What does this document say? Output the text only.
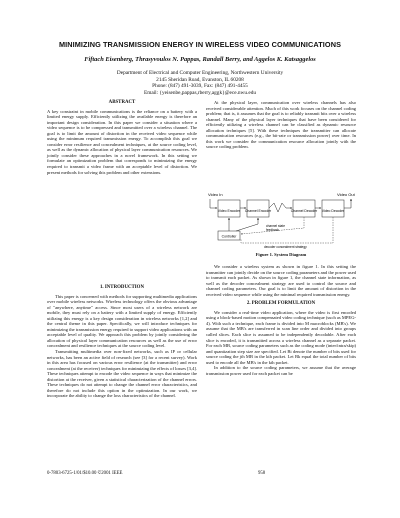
MINIMIZING TRANSMISSION ENERGY IN WIRELESS VIDEO COMMUNICATIONS
Fiftach Eisenberg, Thrasyvoulos N. Pappas, Randall Berry, and Aggelos K. Katsaggelos
Department of Electrical and Computer Engineering, Northwestern University
2145 Sheridan Road, Evanston, IL 60208
Phone: (847) 491-3039, Fax: (847) 491-4455
Email: {yeisenbe,pappas,rberry,aggk}@ece.nwu.edu

ABSTRACT

A key constraint in mobile communications is the reliance on a battery with a limited energy supply. Efficiently utilizing the available energy is therefore an important design consideration. In this paper we consider a situation where a video sequence is to be compressed and transmitted over a wireless channel. The goal is to limit the amount of distortion in the received video sequence while using the minimum required transmission energy. To accomplish this goal we consider error resilience and concealment techniques, at the source coding level, as well as the dynamic allocation of physical layer communication resources. We jointly consider these approaches in a novel framework. In this setting we formulate an optimization problem that corresponds to minimizing the energy required to transmit a video frame with an acceptable level of distortion. We present methods for solving this problem and other extensions.

1. INTRODUCTION

This paper is concerned with methods for supporting multimedia applications over mobile wireless networks. Wireless technology offers the obvious advantage of "anywhere, anytime" access. Since most users of a wireless network are mobile, they must rely on a battery with a limited supply of energy. Efficiently utilizing this energy is a key design consideration in wireless networks [1,2] and the central theme in this paper. Specifically, we will introduce techniques for minimizing the transmission energy required to support video applications with an acceptable level of quality. We approach this problem by jointly considering the allocation of physical layer communication resources as well as the use of error concealment and resilience techniques at the source coding level.

Transmitting multimedia over non-fixed networks, such as IP or cellular networks, has been an active field of research (see [3] for a recent survey). Work in this area has focused on various error resilience (at the transmitter) and error concealment (at the receiver) techniques for minimizing the effects of losses [3,4]. These techniques attempt to encode the video sequence in ways that minimize the distortion at the receiver, given a statistical characterization of the channel errors. These techniques do not attempt to change the channel error characteristics, and therefore do not include this option in the optimization. In our work, we incorporate the ability to change the loss characteristics of the channel.

At the physical layer, communication over wireless channels has also received considerable attention. Much of this work focuses on the channel coding problem; that is, it assumes that the goal is to reliably transmit bits over a wireless channel. Many of the physical layer techniques that have been considered for efficiently utilizing a wireless channel can be classified as dynamic resource allocation techniques [5]. With these techniques the transmitter can allocate communication resources (e.g., the bit-rate or transmission power) over time. In this work we consider the communication resource allocation jointly with the source coding problem.

Video In	Video Out
Video Encoder Channel Encoder	Channel Decoder Video Decoder
Controller
channel state
feedback
decoder concealment strategy
Figure 1. System Diagram

We consider a wireless system as shown in figure 1. In this setting the transmitter can jointly decide on the source coding parameters and the power used to transmit each packet. As shown in figure 1, the channel state information, as well as the decoder concealment strategy are used to control the source and channel coding parameters. Our goal is to limit the amount of distortion in the received video sequence while using the minimal required transmission energy.

2. PROBLEM FORMULATION

We consider a real-time video application, where the video is first encoded using a block-based motion compensated video coding technique (such as MPEG-4). With such a technique, each frame is divided into M macroblocks (MB's). We assume that the MB's are transferred in scan line order and divided into groups called slices. Each slice is assumed to be independently decodable. After each slice is encoded, it is transmitted across a wireless channel as a separate packet. For each MB, source coding parameters such as the coding mode (inter/intra/skip) and quantization step size are specified. Let Bi denote the number of bits used for source coding the jth MB in the kth packet. Let Bk equal the total number of bits used to encode all the MB's in the kth packet.

In addition to the source coding parameters, we assume that the average transmission power used for each packet can be

0-7803-6725-1/01/$10.00 ©2001 IEEE	958
